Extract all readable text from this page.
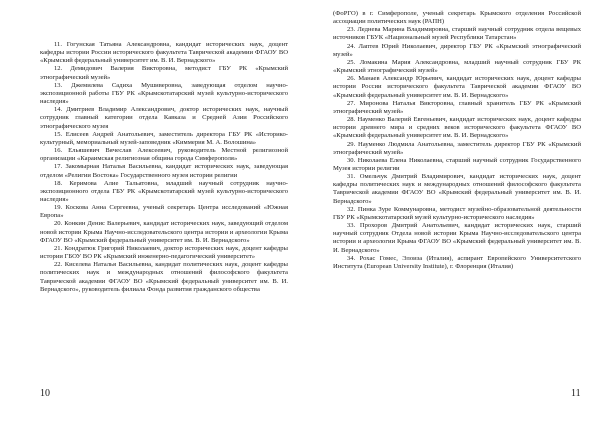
11. Гогунская Татьяна Александровна, кандидат исторических наук, доцент кафедры истории России исторического факультета Таврической академии ФГАОУ ВО «Крымский федеральный университет им. В. И. Вернадского»

12. Демидович Валерия Викторовна, методист ГБУ РК «Крымский этнографический музей»

13. Джемилева Садиха Мушиверовна, заведующая отделом научно-экспозиционной работы ГБУ РК «Крымскотатарский музей культурно-исторического наследия»

14. Дмитриев Владимир Александрович, доктор исторических наук, научный сотрудник главный категории отдела Кавказа и Средней Азии Российского этнографического музея

15. Елисеев Андрей Анатольевич, заместитель директора ГБУ РК «Историко-культурный, мемориальный музей-заповедник «Киммерия М. А. Волошина»

16. Ельяшевич Вячеслав Алексеевич, руководитель Местной религиозной организации «Караимская религиозная община города Симферополя»

17. Закомырная Наталья Васильевна, кандидат исторических наук, заведующая отделом «Религии Востока» Государственного музея истории религии

18. Керимова Алие Тальатовна, младший научный сотрудник научно-экспозиционного отдела ГБУ РК «Крымскотатарский музей культурно-исторического наследия»

19. Коскова Анна Сергеевна, ученый секретарь Центра исследований «Южная Европа»

20. Конкин Денис Валерьевич, кандидат исторических наук, заведующий отделом новой истории Крыма Научно-исследовательского центра истории и археологии Крыма ФГАОУ ВО «Крымский федеральный университет им. В. И. Вернадского»

21. Кондратюк Григорий Николаевич, доктор исторических наук, доцент кафедры истории ГБОУ ВО РК «Крымский инженерно-педагогический университет»

22. Киселева Наталья Васильевна, кандидат политических наук, доцент кафедры политических наук и международных отношений философского факультета Таврической академии ФГАОУ ВО «Крымский федеральный университет им. В. И. Вернадского», руководитель филиала Фонда развития гражданского общества

(ФоРГО) в г. Симферополе, ученый секретарь Крымского отделения Российской ассоциации политических наук (РАПН)

23. Леднева Марина Владимировна, старший научный сотрудник отдела вещевых источников ГБУК «Национальный музей Республики Татарстан»

24. Лаптев Юрий Николаевич, директор ГБУ РК «Крымский этнографический музей»

25. Ломакина Мария Александровна, младший научный сотрудник ГБУ РК «Крымский этнографический музей»

26. Манаев Александр Юрьевич, кандидат исторических наук, доцент кафедры истории России исторического факультета Таврической академии ФГАОУ ВО «Крымский федеральный университет им. В. И. Вернадского»

27. Миронова Наталья Викторовна, главный хранитель ГБУ РК «Крымский этнографический музей»

28. Науменко Валерий Евгеньевич, кандидат исторических наук, доцент кафедры истории древнего мира и средних веков исторического факультета ФГАОУ ВО «Крымский федеральный университет им. В. И. Вернадского»

29. Науменко Людмила Анатольевна, заместитель директор ГБУ РК «Крымский этнографический музей»

30. Николаева Елена Николаевна, старший научный сотрудник Государственного Музея истории религии

31. Омельчук Дмитрий Владимирович, кандидат исторических наук, доцент кафедры политических наук и международных отношений философского факультета Таврической академии ФГАОУ ВО «Крымский федеральный университет им. В. И. Вернадского»

32. Пинка Зуре Коммунаровна, методист музейно-образовательной деятельности ГБУ РК «Крымскотатарский музей культурно-исторического наследия»

33. Прохоров Дмитрий Анатольевич, кандидат исторических наук, старший научный сотрудник Отдела новой истории Крыма Научно-исследовательского центра истории и археологии Крыма ФГАОУ ВО «Крымский федеральный университет им. В. И. Вернадского»

34. Рохас Гомес, Элоиза (Италия), аспирант Европейского Университетского Института (European University Institute), г. Флоренция (Италия)

10	11
